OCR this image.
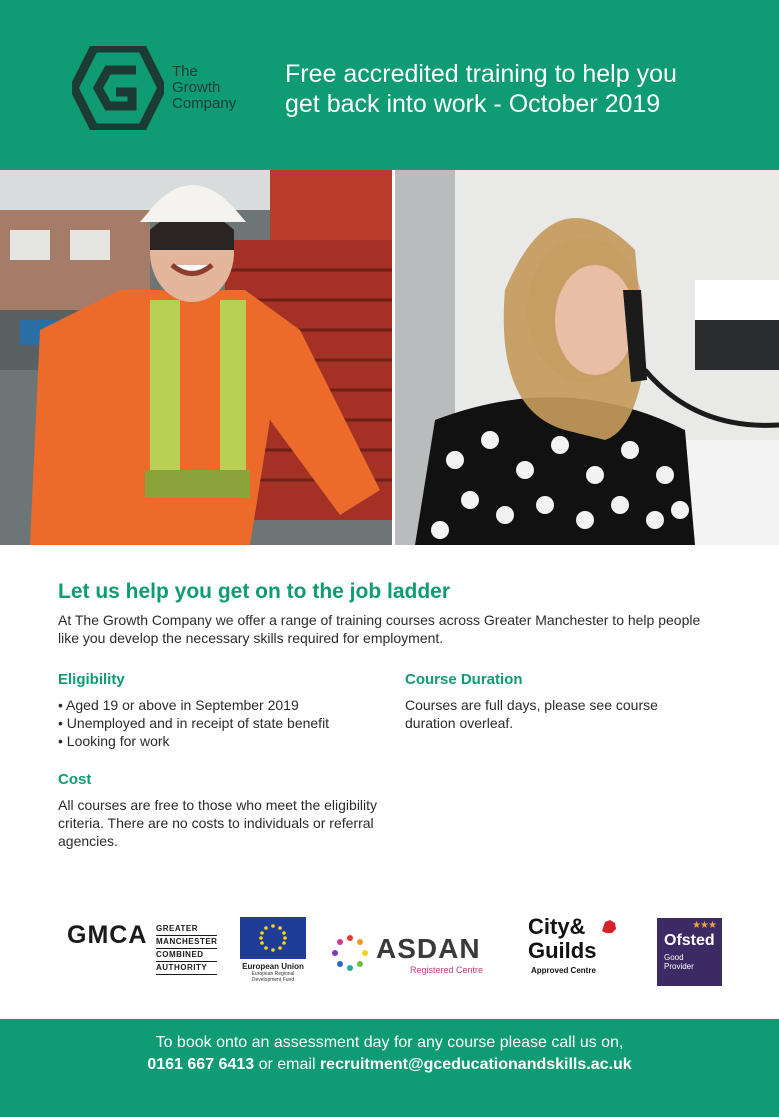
The
Growth
Company
Free accredited training to help you
get back into work - October 2019
Let us help you get on to the job ladder
At The Growth Company we offer a range of training courses across Greater Manchester to help people like you develop the necessary skills required for employment.
Eligibility
• Aged 19 or above in September 2019
• Unemployed and in receipt of state benefit
• Looking for work
Cost
All courses are free to those who meet the eligibility criteria. There are no costs to individuals or referral agencies.
Course Duration
Courses are full days, please see course duration overleaf.
GMCA GREATER
MANCHESTER
COMBINED
AUTHORITY	European Union
European Regional
Development Fund
ASDAN
Registered Centre
City&
Guilds
Approved Centre
★★★
Ofsted
Good
Provider

To book onto an assessment day for any course please call us on,

0161 667 6413 or email recruitment@gceducationandskills.ac.uk
